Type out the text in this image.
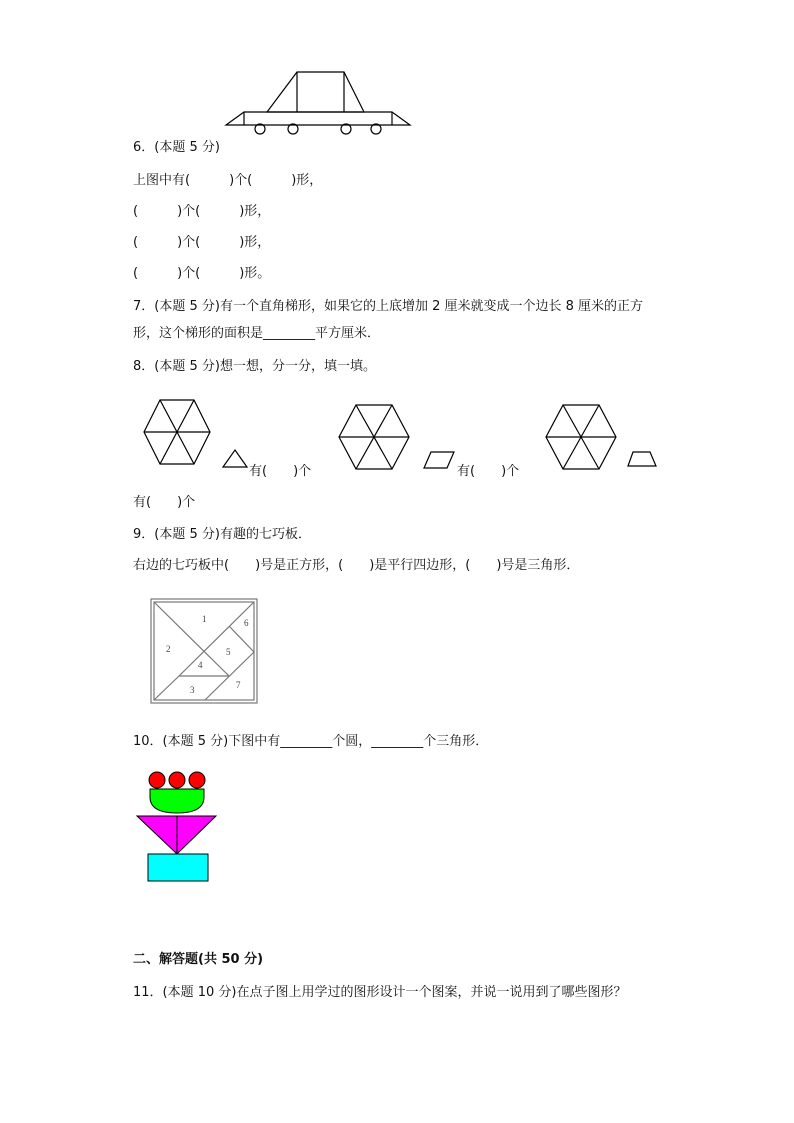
6．(本题 5 分)
上图中有(　　　)个(　　　)形，
(　　　)个(　　　)形，
(　　　)个(　　　)形，
(　　　)个(　　　)形。
7．(本题 5 分)有一个直角梯形，如果它的上底增加 2 厘米就变成一个边长 8 厘米的正方
形，这个梯形的面积是________平方厘米．
8．(本题 5 分)想一想，分一分，填一填。
有(　　)个	有(　　)个
有(　　)个
9．(本题 5 分)有趣的七巧板．
右边的七巧板中(　　)号是正方形，(　　)是平行四边形，(　　)号是三角形．
1
2
3
4
5
6
7
10．(本题 5 分)下图中有________个圆，________个三角形．
二、解答题(共 50 分)
11．(本题 10 分)在点子图上用学过的图形设计一个图案，并说一说用到了哪些图形？
